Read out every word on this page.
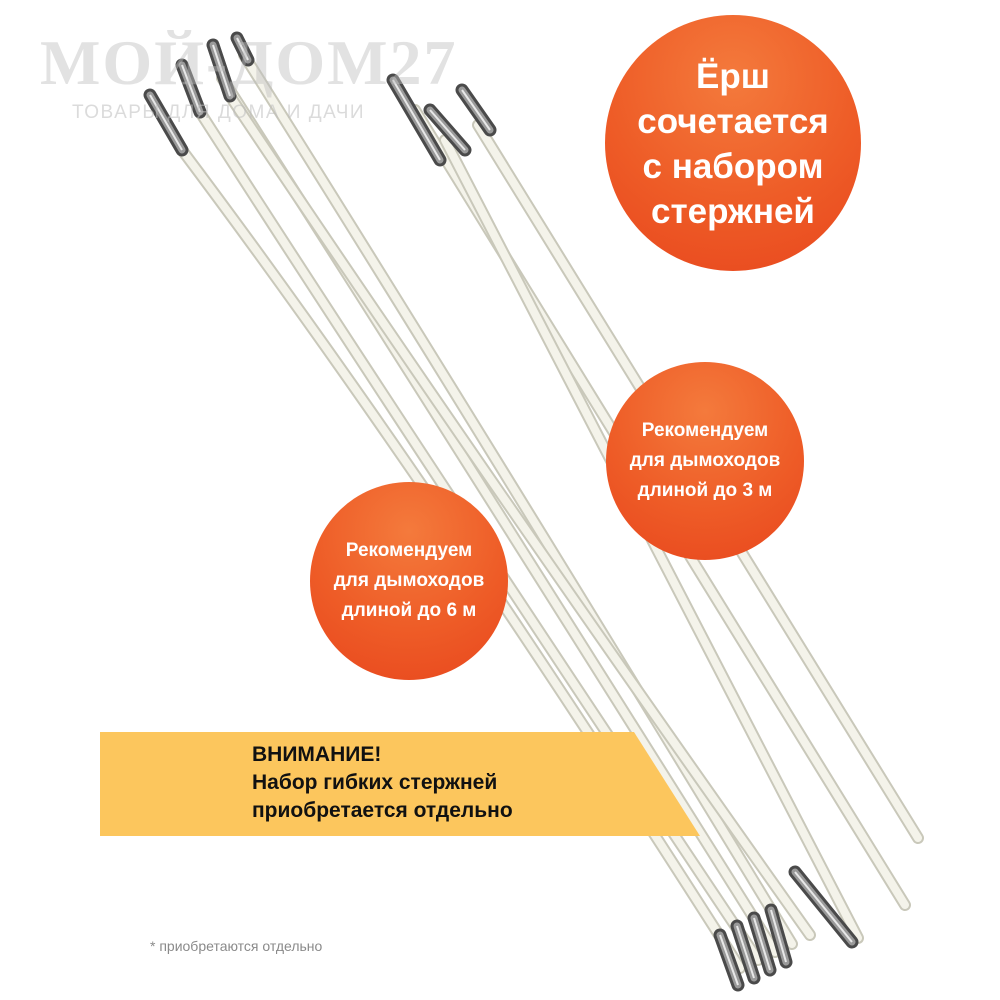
МОЙ-ДОМ27
ТОВАРЫ ДЛЯ ДОМА И ДАЧИ
Ёрш
сочетается
с набором
стержней
Рекомендуем
для дымоходов
длиной до 3 м
Рекомендуем
для дымоходов
длиной до 6 м
ВНИМАНИЕ!
Набор гибких стержней
приобретается отдельно
* приобретаются отдельно
